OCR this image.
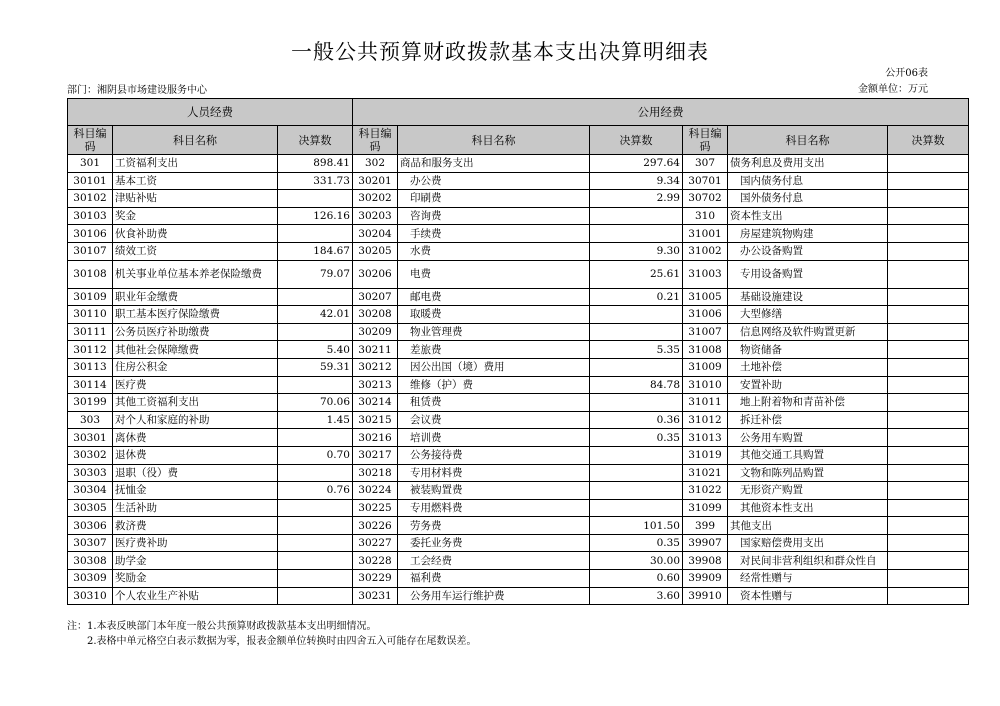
一般公共预算财政拨款基本支出决算明细表
公开06表
部门：湘阴县市场建设服务中心	金额单位：万元
人员经费			公用经费					
科目编码	科目名称	决算数	科目编码	科目名称	决算数	科目编码	科目名称	决算数
301	工资福利支出	898.41	302	商品和服务支出	297.64	307	债务利息及费用支出	
30101	基本工资	331.73	30201	办公费	9.34	30701	国内债务付息	
30102	津贴补贴		30202	印刷费	2.99	30702	国外债务付息	
30103	奖金	126.16	30203	咨询费		310	资本性支出	
30106	伙食补助费		30204	手续费		31001	房屋建筑物购建	
30107	绩效工资	184.67	30205	水费	9.30	31002	办公设备购置	
30108	机关事业单位基本养老保险缴费	79.07	30206	电费	25.61	31003	专用设备购置	
30109	职业年金缴费		30207	邮电费	0.21	31005	基础设施建设	
30110	职工基本医疗保险缴费	42.01	30208	取暖费		31006	大型修缮	
30111	公务员医疗补助缴费		30209	物业管理费		31007	信息网络及软件购置更新	
30112	其他社会保障缴费	5.40	30211	差旅费	5.35	31008	物资储备	
30113	住房公积金	59.31	30212	因公出国（境）费用		31009	土地补偿	
30114	医疗费		30213	维修（护）费	84.78	31010	安置补助	
30199	其他工资福利支出	70.06	30214	租赁费		31011	地上附着物和青苗补偿	
303	对个人和家庭的补助	1.45	30215	会议费	0.36	31012	拆迁补偿	
30301	离休费		30216	培训费	0.35	31013	公务用车购置	
30302	退休费	0.70	30217	公务接待费		31019	其他交通工具购置	
30303	退职（役）费		30218	专用材料费		31021	文物和陈列品购置	
30304	抚恤金	0.76	30224	被装购置费		31022	无形资产购置	
30305	生活补助		30225	专用燃料费		31099	其他资本性支出	
30306	救济费		30226	劳务费	101.50	399	其他支出	
30307	医疗费补助		30227	委托业务费	0.35	39907	国家赔偿费用支出	
30308	助学金		30228	工会经费	30.00	39908	对民间非营利组织和群众性自	
30309	奖励金		30229	福利费	0.60	39909	经常性赠与	
30310	个人农业生产补贴		30231	公务用车运行维护费	3.60	39910	资本性赠与	
注：1.本表反映部门本年度一般公共预算财政拨款基本支出明细情况。
2.表格中单元格空白表示数据为零，报表金额单位转换时由四舍五入可能存在尾数误差。
